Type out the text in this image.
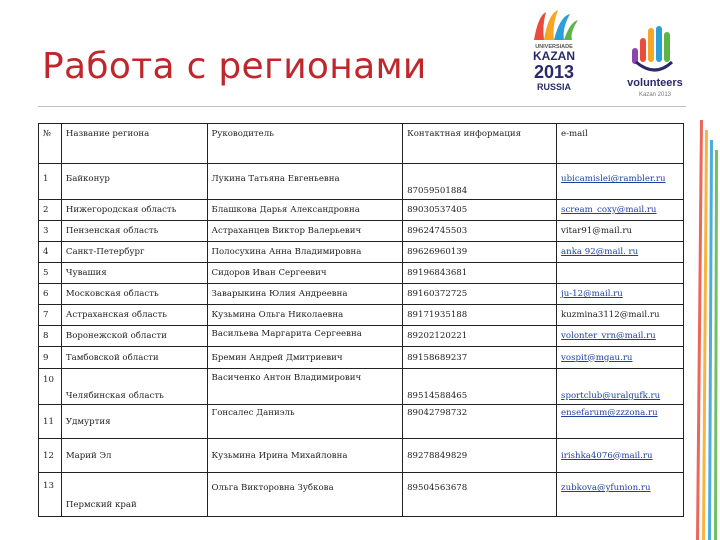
Работа с регионами	UNIVERSIADE
KAZAN
2013
RUSSIA	volunteers
Kazan 2013
№	Название региона	Руководитель	Контактная информация	e-mail

1	Байконур	Лукина Татьяна Евгеньевна	87059501884	ubicamislei@rambler.ru

2	Нижегородская область	Блашкова Дарья Александровна	89030537405	scream_coxy@mail.ru

3	Пензенская область	Астраханцев Виктор Валерьевич	89624745503	vitar91@mail.ru

4	Санкт-Петербург	Полосухина Анна Владимировна	89626960139	anka 92@mail. ru

5	Чувашия	Сидоров Иван Сергеевич	89196843681	

6	Московская область	Заварыкина Юлия Андреевна	89160372725	ju-12@mail.ru

7	Астраханская область	Кузьмина Ольга Николаевна	89171935188	kuzmina3112@mail.ru

8	Воронежской области	Васильева Маргарита Сергеевна	89202120221	volonter_vrn@mail.ru

9	Тамбовской области	Бремин Андрей Дмитриевич	89158689237	vospit@mgau.ru

10	Челябинская область	Васиченко Антон Владимирович	89514588465	sportclub@uralgufk.ru

11	Удмуртия	Гонсалес Даниэль	89042798732	ensefarum@zzzona.ru

12	Марий Эл	Кузьмина Ирина Михайловна	89278849829	irishka4076@mail.ru

13	Пермский край	Ольга Викторовна Зубкова	89504563678	zubkova@yfunion.ru
